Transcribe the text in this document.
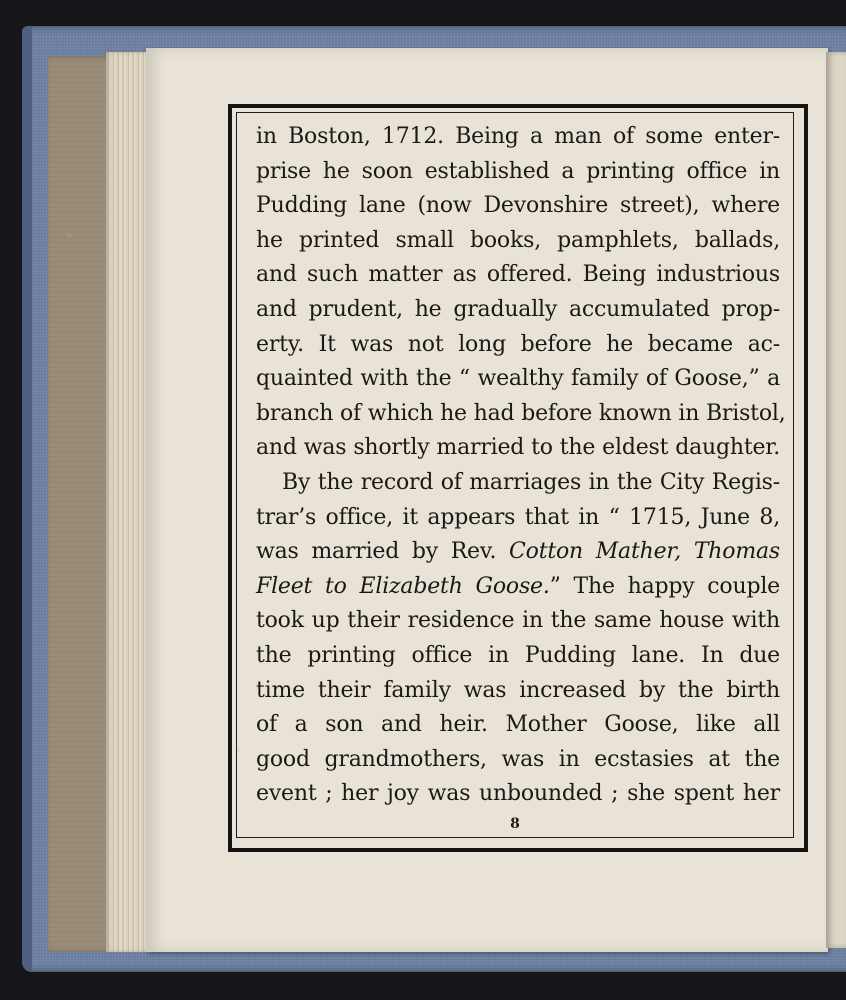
in Boston, 1712. Being a man of some enter-
prise he soon established a printing office in
Pudding lane (now Devonshire street), where
he printed small books, pamphlets, ballads,
and such matter as offered. Being industrious
and prudent, he gradually accumulated prop-
erty. It was not long before he became ac-
quainted with the “ wealthy family of Goose,” a
branch of which he had before known in Bristol,
and was shortly married to the eldest daughter.
By the record of marriages in the City Regis-
trar’s office, it appears that in “ 1715, June 8,
was married by Rev. Cotton Mather, Thomas
Fleet to Elizabeth Goose.” The happy couple
took up their residence in the same house with
the printing office in Pudding lane. In due
time their family was increased by the birth
of a son and heir. Mother Goose, like all
good grandmothers, was in ecstasies at the
event ; her joy was unbounded ; she spent her
8
